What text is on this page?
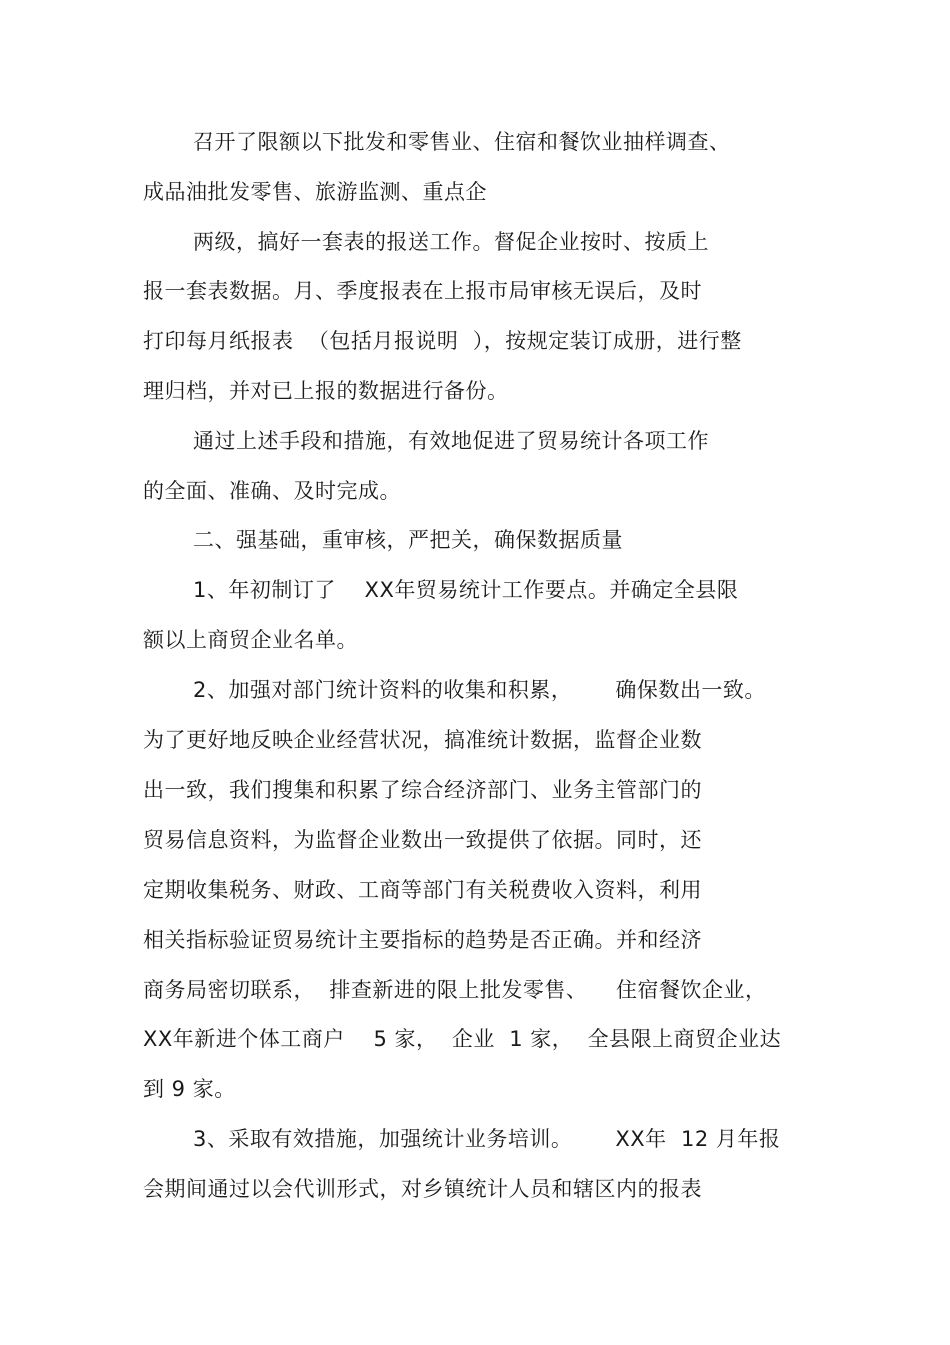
召开了限额以下批发和零售业、住宿和餐饮业抽样调查、

成品油批发零售、旅游监测、重点企

两级，搞好一套表的报送工作。督促企业按时、按质上

报一套表数据。月、季度报表在上报市局审核无误后，及时

打印每月纸报表  （包括月报说明  ），按规定装订成册，进行整

理归档，并对已上报的数据进行备份。

通过上述手段和措施，有效地促进了贸易统计各项工作

的全面、准确、及时完成。

二、强基础，重审核，严把关，确保数据质量

1、年初制订了    XX年贸易统计工作要点。并确定全县限

额以上商贸企业名单。

2、加强对部门统计资料的收集和积累，      确保数出一致。

为了更好地反映企业经营状况，搞准统计数据，监督企业数

出一致，我们搜集和积累了综合经济部门、业务主管部门的

贸易信息资料，为监督企业数出一致提供了依据。同时，还

定期收集税务、财政、工商等部门有关税费收入资料，利用

相关指标验证贸易统计主要指标的趋势是否正确。并和经济

商务局密切联系，  排查新进的限上批发零售、    住宿餐饮企业，

XX年新进个体工商户    5 家，  企业  1 家，  全县限上商贸企业达

到 9 家。

3、采取有效措施，加强统计业务培训。      XX年  12 月年报

会期间通过以会代训形式，对乡镇统计人员和辖区内的报表
